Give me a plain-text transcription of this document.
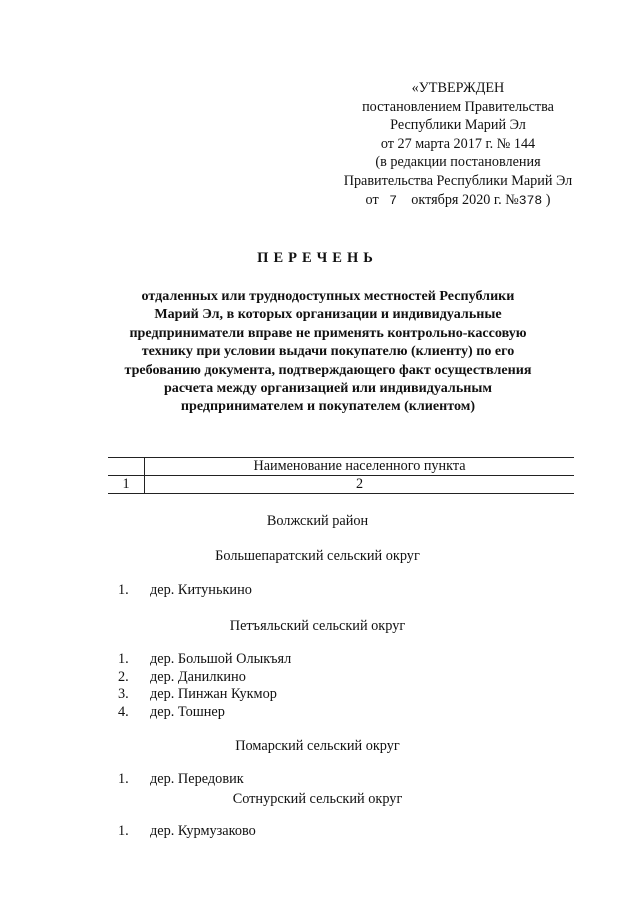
«УТВЕРЖДЕН
постановлением Правительства
Республики Марий Эл
от 27 марта 2017 г. № 144
(в редакции постановления
Правительства Республики Марий Эл
от 7 октября 2020 г. №378 )
ПЕРЕЧЕНЬ
отдаленных или труднодоступных местностей Республики
Марий Эл, в которых организации и индивидуальные
предприниматели вправе не применять контрольно-кассовую
технику при условии выдачи покупателю (клиенту) по его
требованию документа, подтверждающего факт осуществления
расчета между организацией или индивидуальным
предпринимателем и покупателем (клиентом)
	Наименование населенного пункта
1	2
Волжский район
Большепаратский сельский округ
1.	дер. Китунькино
Петъяльский сельский округ
1.	дер. Большой Олыкъял
2.	дер. Данилкино
3.	дер. Пинжан Кукмор
4.	дер. Тошнер
Помарский сельский округ
1.	дер. Передовик
Сотнурский сельский округ
1.	дер. Курмузаково
